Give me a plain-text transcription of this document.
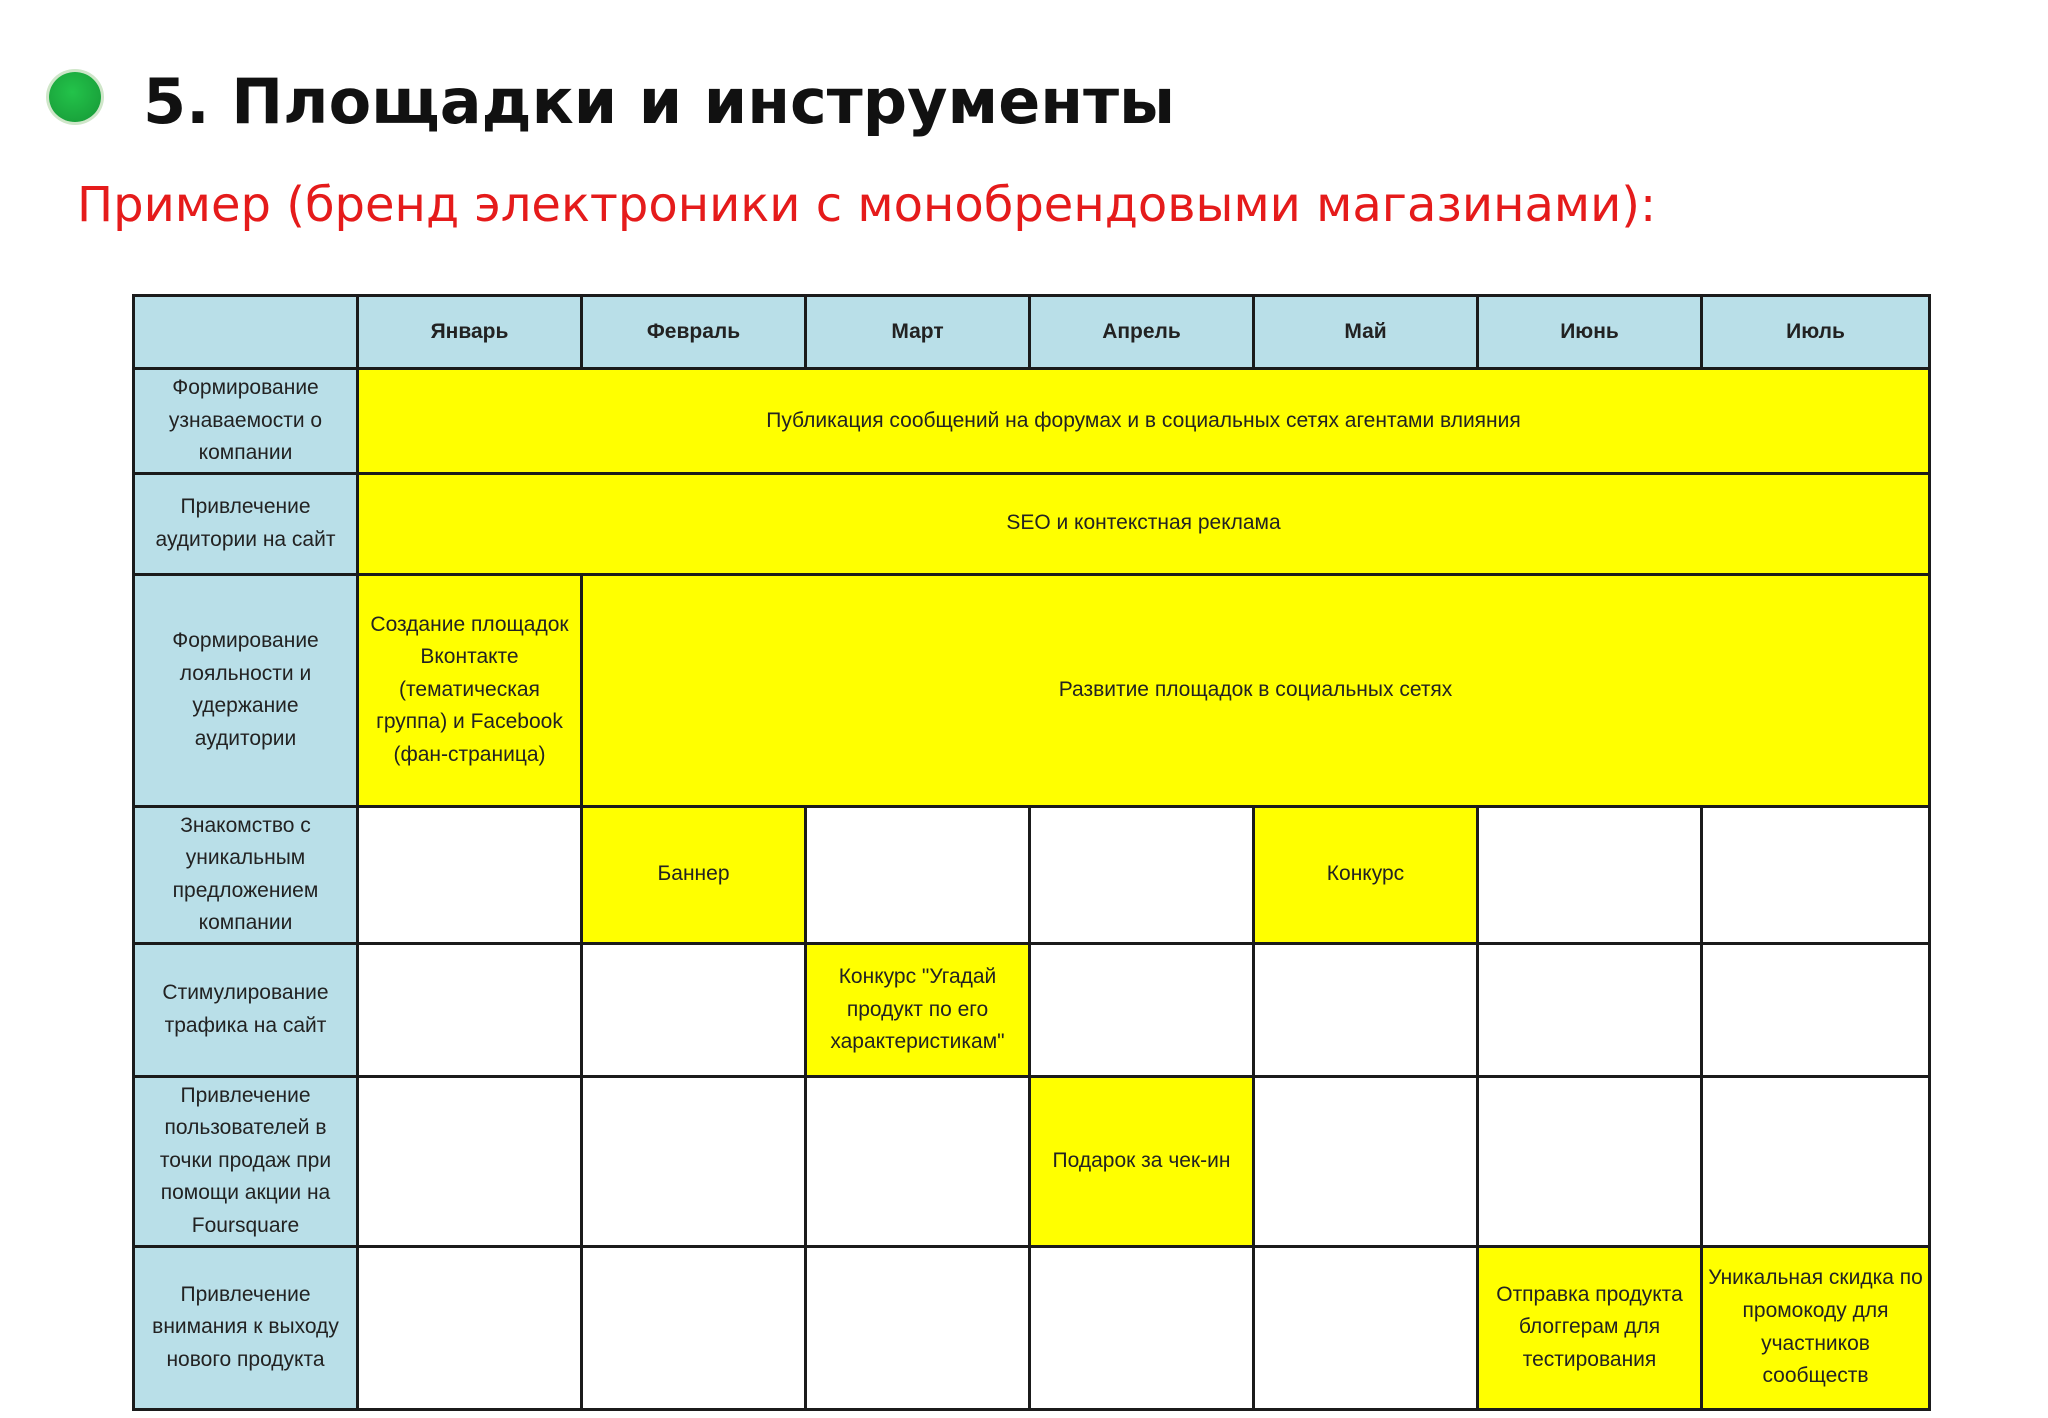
5. Площадки и инструменты
Пример (бренд электроники с монобрендовыми магазинами):
	Январь	Февраль	Март	Апрель	Май	Июнь	Июль
Формирование узнаваемости о компании	Публикация сообщений на форумах и в социальных сетях агентами влияния						
Привлечение аудитории на сайт	SEO и контекстная реклама						
Формирование лояльности и удержание аудитории	Создание площадок Вконтакте (тематическая группа) и Facebook (фан-страница)	Развитие площадок в социальных сетях					
Знакомство с уникальным предложением компании		Баннер			Конкурс		
Стимулирование трафика на сайт			Конкурс "Угадай продукт по его характеристикам"				
Привлечение пользователей в точки продаж при помощи акции на Foursquare				Подарок за чек-ин			
Привлечение внимания к выходу нового продукта						Отправка продукта блоггерам для тестирования	Уникальная скидка по промокоду для участников сообществ
